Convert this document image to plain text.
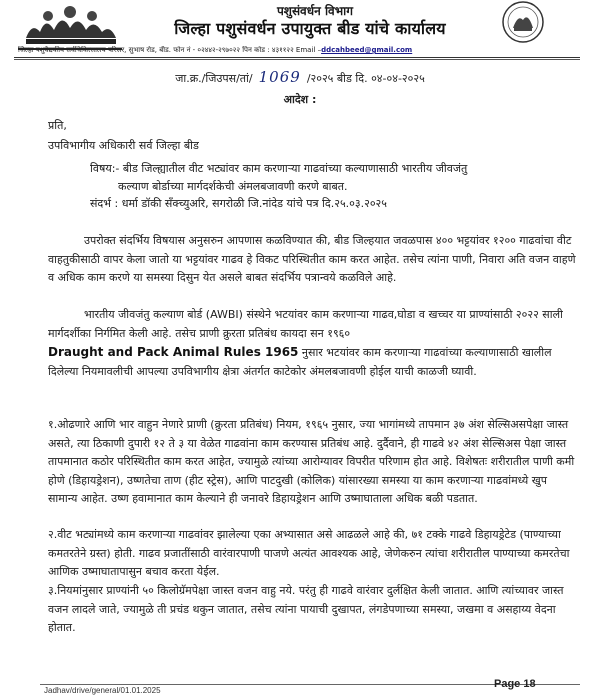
पशुसंवर्धन विभाग
जिल्हा पशुसंवर्धन उपायुक्त बीड यांचे कार्यालय
जिल्हा पशुवैद्यकीय सर्वचिकित्सालय परिसर, सुभाष रोड, बीड. फोन नं - ०२४४२-२९७०२२ पिन कोड : ४३११२२ Email –ddcahbeed@gmail.com
जा.क्र./जिउपस/तां/ 1069 /२०२५ बीड दि. ०४-०४-२०२५
आदेश :
प्रति,
उपविभागीय अधिकारी सर्व जिल्हा बीड
विषय:- बीड जिल्ह्यातील वीट भट्यांवर काम करणाऱ्या गाढवांच्या कल्याणासाठी भारतीय जीवजंतु
कल्याण बोर्डाच्या मार्गदर्शकेची अंमलबजावणी करणे बाबत.
संदर्भ : धर्मा डॉकी सँक्च्युअरि, सगरोळी जि.नांदेड यांचे पत्र दि.२५.०३.२०२५
उपरोक्त संदर्भिय विषयास अनुसरुन आपणास कळविण्यात की, बीड जिल्हयात जवळपास ४०० भट्टयांवर १२०० गाढवांचा वीट वाहतुकीसाठी वापर केला जातो या भट्टयांवर गाढव हे विकट परिस्थितीत काम करत आहेत. तसेच त्यांना पाणी, निवारा अति वजन वाहणे व अधिक काम करणे या समस्या दिसुन येत असले बाबत संदर्भिय पत्रान्वये कळविले आहे.
भारतीय जीवजंतु कल्याण बोर्ड (AWBI) संस्थेने भटयांवर काम करणाऱ्या गाढव,घोडा व खच्चर या प्राण्यांसाठी २०२२ साली मार्गदर्शीका निर्गमित केली आहे. तसेच प्राणी क्रुरता प्रतिबंध कायदा सन १९६०
Draught and Pack Animal Rules 1965 नुसार भटयांवर काम करणाऱ्या गाढवांच्या कल्याणासाठी खालील दिलेल्या नियमावलीची आपल्या उपविभागीय क्षेत्रा अंतर्गत काटेकोर अंमलबजावणी होईल याची काळजी घ्यावी.
१.ओढणारे आणि भार वाहुन नेणारे प्राणी (क्रुरता प्रतिबंध) नियम, १९६५ नुसार, ज्या भागांमध्ये तापमान ३७ अंश सेल्सिअसपेक्षा जास्त असते, त्या ठिकाणी दुपारी १२ ते ३ या वेळेत गाढवांना काम करण्यास प्रतिबंध आहे. दुर्दैवाने, ही गाढवे ४२ अंश सेल्सिअस पेक्षा जास्त तापमानात कठोर परिस्थितीत काम करत आहेत, ज्यामुळे त्यांच्या आरोग्यावर विपरीत परिणाम होत आहे. विशेषतः शरीरातील पाणी कमी होणे (डिहायड्रेशन), उष्णतेचा ताण (हीट स्ट्रेस), आणि पाटदुखी (कोलिक) यांसारख्या समस्या या काम करणाऱ्या गाढवांमध्ये खुप सामान्य आहेत. उष्ण हवामानात काम केल्याने ही जनावरे डिहायड्रेशन आणि उष्माघाताला अधिक बळी पडतात.
२.वीट भट्यांमध्ये काम करणाऱ्या गाढवांवर झालेल्या एका अभ्यासात असे आढळले आहे की, ७१ टक्के गाढवे डिहायड्रेटेड (पाण्याच्या कमतरतेने ग्रस्त) होती. गाढव प्रजातींसाठी वारंवारपाणी पाजणे अत्यंत आवश्यक आहे, जेणेकरुन त्यांचा शरीरातील पाण्याच्या कमरतेचा आणिक उष्माघातापासुन बचाव करता येईल.
३.नियमांनुसार प्राण्यांनी ५० किलोग्रॅमपेक्षा जास्त वजन वाहु नये. परंतु ही गाढवे वारंवार दुर्लक्षित केली जातात. आणि त्यांच्यावर जास्त वजन लादले जाते, ज्यामुळे ती प्रचंड थकुन जातात, तसेच त्यांना पायाची दुखापत, लंगडेपणाच्या समस्या, जखमा व असहाय्य वेदना होतात.
Jadhav/drive/general/01.01.2025
Page 18
